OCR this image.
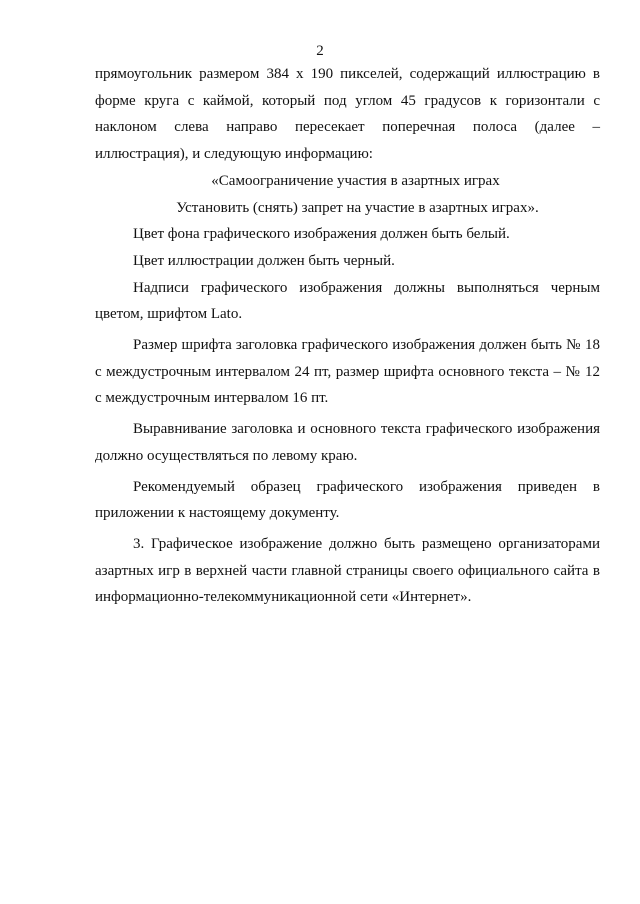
2

прямоугольник размером 384 х 190 пикселей, содержащий иллюстрацию в форме круга с каймой, который под углом 45 градусов к горизонтали с наклоном слева направо пересекает поперечная полоса (далее – иллюстрация), и следующую информацию:

«Самоограничение участия в азартных играх

Установить (снять) запрет на участие в азартных играх».

Цвет фона графического изображения должен быть белый.

Цвет иллюстрации должен быть черный.

Надписи графического изображения должны выполняться черным цветом, шрифтом Lato.

Размер шрифта заголовка графического изображения должен быть № 18 с междустрочным интервалом 24 пт, размер шрифта основного текста – № 12 с междустрочным интервалом 16 пт.

Выравнивание заголовка и основного текста графического изображения должно осуществляться по левому краю.

Рекомендуемый образец графического изображения приведен в приложении к настоящему документу.

3. Графическое изображение должно быть размещено организаторами азартных игр в верхней части главной страницы своего официального сайта в информационно-телекоммуникационной сети «Интернет».
